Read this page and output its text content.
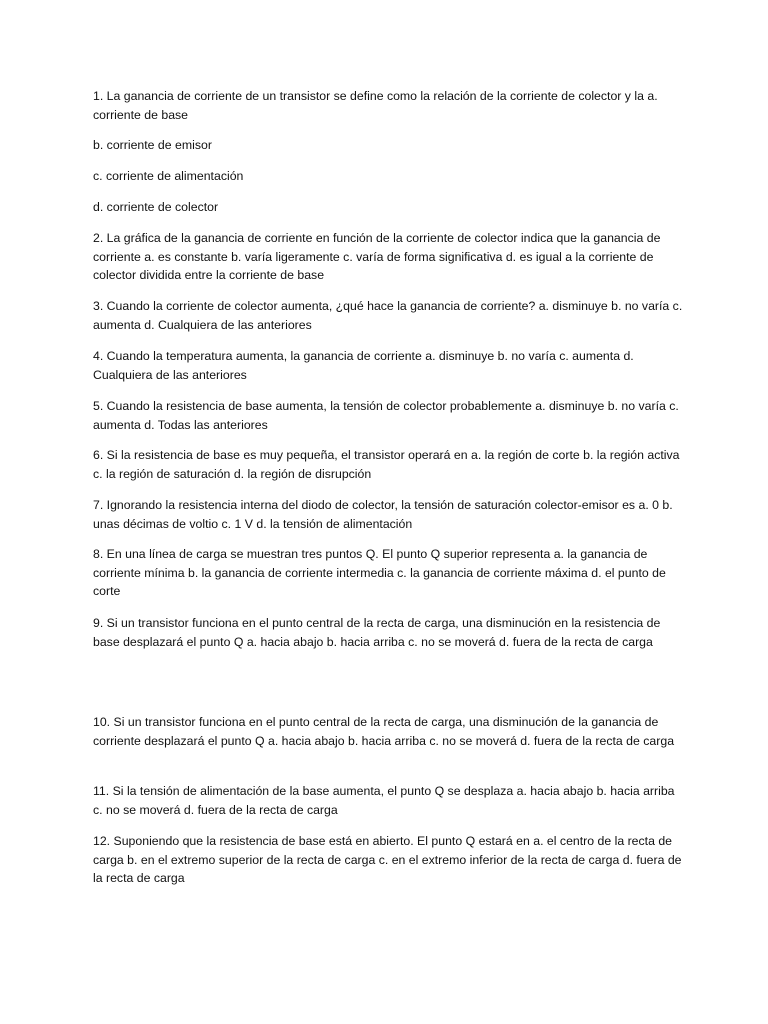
1. La ganancia de corriente de un transistor se define como la relación de la corriente de colector y la a. corriente de base

b. corriente de emisor

c. corriente de alimentación

d. corriente de colector

2. La gráfica de la ganancia de corriente en función de la corriente de colector indica que la ganancia de corriente a. es constante b. varía ligeramente c. varía de forma significativa d. es igual a la corriente de colector dividida entre la corriente de base

3. Cuando la corriente de colector aumenta, ¿qué hace la ganancia de corriente? a. disminuye b. no varía c. aumenta d. Cualquiera de las anteriores

4. Cuando la temperatura aumenta, la ganancia de corriente a. disminuye b. no varía c. aumenta d. Cualquiera de las anteriores

5. Cuando la resistencia de base aumenta, la tensión de colector probablemente a. disminuye b. no varía c. aumenta d. Todas las anteriores

6. Si la resistencia de base es muy pequeña, el transistor operará en a. la región de corte b. la región activa c. la región de saturación d. la región de disrupción

7. Ignorando la resistencia interna del diodo de colector, la tensión de saturación colector-emisor es a. 0 b. unas décimas de voltio c. 1 V d. la tensión de alimentación

8. En una línea de carga se muestran tres puntos Q. El punto Q superior representa a. la ganancia de corriente mínima b. la ganancia de corriente intermedia c. la ganancia de corriente máxima d. el punto de corte

9. Si un transistor funciona en el punto central de la recta de carga, una disminución en la resistencia de base desplazará el punto Q a. hacia abajo b. hacia arriba c. no se moverá d. fuera de la recta de carga

10. Si un transistor funciona en el punto central de la recta de carga, una disminución de la ganancia de corriente desplazará el punto Q a. hacia abajo b. hacia arriba c. no se moverá d. fuera de la recta de carga

11. Si la tensión de alimentación de la base aumenta, el punto Q se desplaza a. hacia abajo b. hacia arriba c. no se moverá d. fuera de la recta de carga

12. Suponiendo que la resistencia de base está en abierto. El punto Q estará en a. el centro de la recta de carga b. en el extremo superior de la recta de carga c. en el extremo inferior de la recta de carga d. fuera de la recta de carga
